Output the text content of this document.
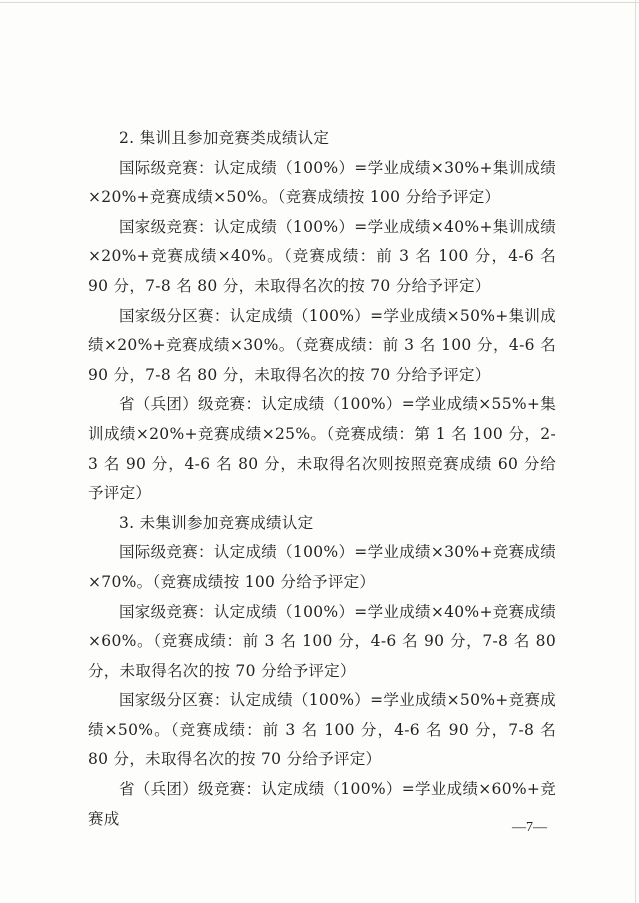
2. 集训且参加竞赛类成绩认定

国际级竞赛：认定成绩（100%）=学业成绩×30%+集训成绩×20%+竞赛成绩×50%。（竞赛成绩按 100 分给予评定）

国家级竞赛：认定成绩（100%）=学业成绩×40%+集训成绩×20%+竞赛成绩×40%。（竞赛成绩：前 3 名 100 分，4-6 名 90 分，7-8 名 80 分，未取得名次的按 70 分给予评定）

国家级分区赛：认定成绩（100%）=学业成绩×50%+集训成绩×20%+竞赛成绩×30%。（竞赛成绩：前 3 名 100 分，4-6 名 90 分，7-8 名 80 分，未取得名次的按 70 分给予评定）

省（兵团）级竞赛：认定成绩（100%）=学业成绩×55%+集训成绩×20%+竞赛成绩×25%。（竞赛成绩：第 1 名 100 分，2-3 名 90 分，4-6 名 80 分，未取得名次则按照竞赛成绩 60 分给予评定）

3. 未集训参加竞赛成绩认定

国际级竞赛：认定成绩（100%）=学业成绩×30%+竞赛成绩×70%。（竞赛成绩按 100 分给予评定）

国家级竞赛：认定成绩（100%）=学业成绩×40%+竞赛成绩×60%。（竞赛成绩：前 3 名 100 分，4-6 名 90 分，7-8 名 80 分，未取得名次的按 70 分给予评定）

国家级分区赛：认定成绩（100%）=学业成绩×50%+竞赛成绩×50%。（竞赛成绩：前 3 名 100 分，4-6 名 90 分，7-8 名 80 分，未取得名次的按 70 分给予评定）

省（兵团）级竞赛：认定成绩（100%）=学业成绩×60%+竞赛成	—7—
